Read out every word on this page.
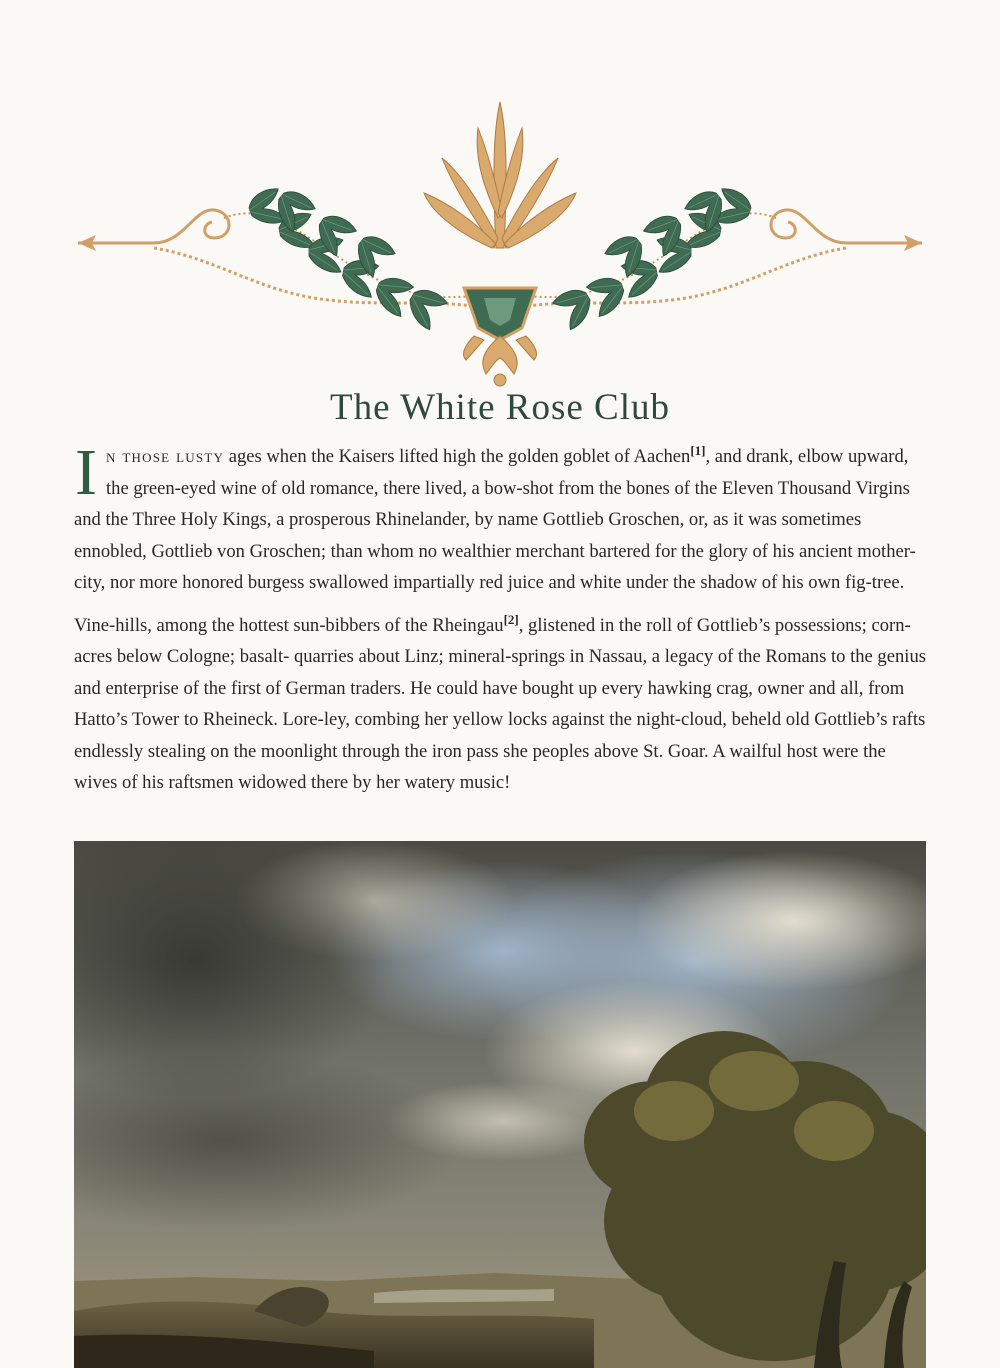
The White Rose Club

I n those lusty ages when the Kaisers lifted high the golden goblet of Aachen[1], and drank, elbow upward, the green-eyed wine of old romance, there lived, a bow-shot from the bones of the Eleven Thousand Virgins and the Three Holy Kings, a prosperous Rhinelander, by name Gottlieb Groschen, or, as it was sometimes ennobled, Gottlieb von Groschen; than whom no wealthier merchant bartered for the glory of his ancient mother- city, nor more honored burgess swallowed impartially red juice and white under the shadow of his own fig-tree.

Vine-hills, among the hottest sun-bibbers of the Rheingau[2], glistened in the roll of Gottlieb’s possessions; corn-acres below Cologne; basalt- quarries about Linz; mineral-springs in Nassau, a legacy of the Romans to the genius and enterprise of the first of German traders. He could have bought up every hawking crag, owner and all, from Hatto’s Tower to Rheineck. Lore-ley, combing her yellow locks against the night-cloud, beheld old Gottlieb’s rafts endlessly stealing on the moonlight through the iron pass she peoples above St. Goar. A wailful host were the wives of his raftsmen widowed there by her watery music!
